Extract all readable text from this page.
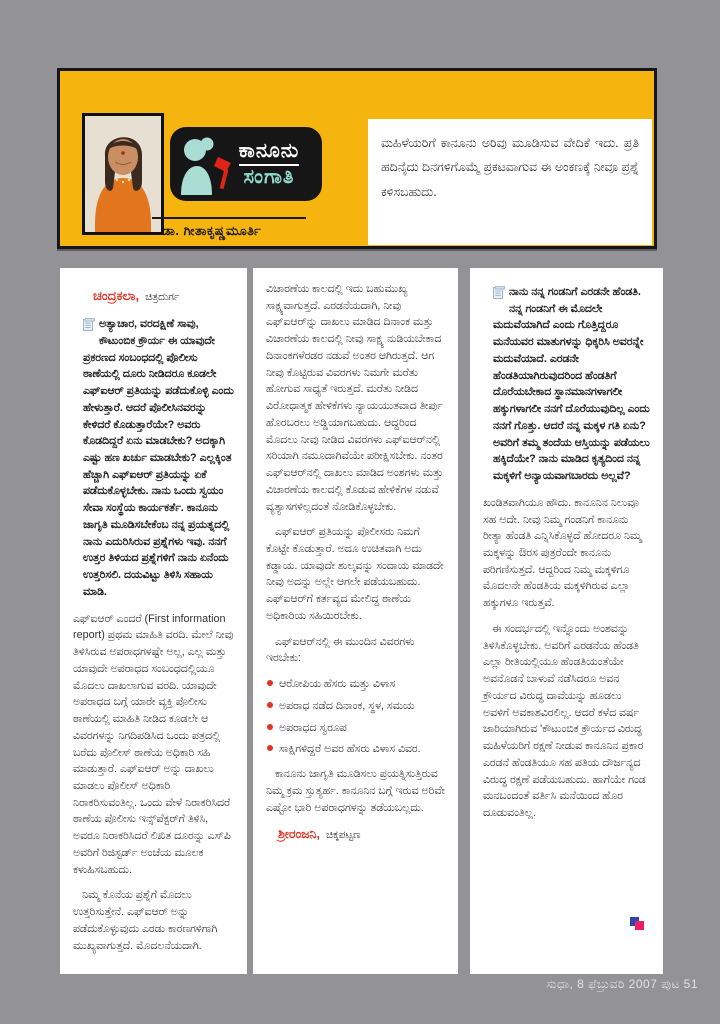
ಕಾನೂನು
ಸಂಗಾತಿ
ಡಾ. ಗೀತಾಕೃಷ್ಣಮೂರ್ತಿ

ಮಹಿಳೆಯರಿಗೆ ಕಾನೂನು ಅರಿವು ಮೂಡಿಸುವ ವೇದಿಕೆ ಇದು. ಪ್ರತಿ ಹದಿನೈದು ದಿನಗಳಿಗೊಮ್ಮೆ ಪ್ರಕಟವಾಗುವ ಈ ಅಂಕಣಕ್ಕೆ ನೀವೂ ಪ್ರಶ್ನೆ ಕಳಿಸಬಹುದು.

ಚಂದ್ರಕಲಾ, ಚಿತ್ರದುರ್ಗ

ಅತ್ಯಾಚಾರ, ವರದಕ್ಷಿಣೆ ಸಾವು, ಕೌಟುಂಬಿಕ ಕ್ರೌರ್ಯ ಈ ಯಾವುದೇ ಪ್ರಕರಣದ ಸಂಬಂಧದಲ್ಲಿ ಪೊಲೀಸು ಠಾಣೆಯಲ್ಲಿ ದೂರು ನೀಡಿದರೂ ಕೂಡಲೇ ಎಫ್ಐಆರ್ ಪ್ರತಿಯನ್ನು ಪಡೆದುಕೊಳ್ಳಿ ಎಂದು ಹೇಳುತ್ತಾರೆ. ಆದರೆ ಪೊಲೀಸಿನವರನ್ನು ಕೇಳಿದರೆ ಕೊಡುತ್ತಾರೆಯೇ? ಅವರು ಕೊಡದಿದ್ದರೆ ಏನು ಮಾಡಬೇಕು? ಅದಕ್ಕಾಗಿ ಎಷ್ಟು ಹಣ ಖರ್ಚು ಮಾಡಬೇಕು? ಎಲ್ಲಕ್ಕಿಂತ ಹೆಚ್ಚಾಗಿ ಎಫ್ಐಆರ್ ಪ್ರತಿಯನ್ನು ಏಕೆ ಪಡೆದುಕೊಳ್ಳಬೇಕು. ನಾನು ಒಂದು ಸ್ವಯಂ ಸೇವಾ ಸಂಸ್ಥೆಯ ಕಾರ್ಯಕರ್ತೆ. ಕಾನೂನು ಜಾಗೃತಿ ಮೂಡಿಸಬೇಕೆಂಬ ನನ್ನ ಪ್ರಯತ್ನದಲ್ಲಿ ನಾನು ಎದುರಿಸಿರುವ ಪ್ರಶ್ನೆಗಳು ಇವು. ನನಗೆ ಉತ್ತರ ತಿಳಿಯದ ಪ್ರಶ್ನೆಗಳಿಗೆ ನಾನು ಏನೆಂದು ಉತ್ತರಿಸಲಿ. ದಯವಿಟ್ಟು ತಿಳಿಸಿ ಸಹಾಯ ಮಾಡಿ.

ಎಫ್ಐಆರ್ ಎಂದರೆ (First information report) ಪ್ರಥಮ ಮಾಹಿತಿ ವರದಿ. ಮೇಲೆ ನೀವು ತಿಳಿಸಿರುವ ಅಪರಾಧಗಳಷ್ಟೇ ಅಲ್ಲ, ಎಲ್ಲ ಮತ್ತು ಯಾವುದೇ ಅಪರಾಧದ ಸಂಬಂಧದಲ್ಲಿಯೂ ಮೊದಲು ದಾಖಲಾಗುವ ವರದಿ. ಯಾವುದೇ ಅಪರಾಧದ ಬಗ್ಗೆ ಯಾರೇ ವ್ಯಕ್ತಿ ಪೊಲೀಸು ಠಾಣೆಯಲ್ಲಿ ಮಾಹಿತಿ ನೀಡಿದ ಕೂಡಲೇ ಆ ವಿವರಗಳನ್ನು ನಿಗದಿಪಡಿಸಿದ ಒಂದು ಪತ್ರದಲ್ಲಿ ಬರೆದು ಪೊಲೀಸ್ ಠಾಣೆಯ ಅಧಿಕಾರಿ ಸಹಿ ಮಾಡುತ್ತಾರೆ. ಎಫ್ಐಆರ್ ಅನ್ನು ದಾಖಲು ಮಾಡಲು ಪೊಲೀಸ್ ಅಧಿಕಾರಿ ನಿರಾಕರಿಸುವಂತಿಲ್ಲ. ಒಂದು ವೇಳೆ ನಿರಾಕರಿಸಿದರೆ ಠಾಣೆಯ ಪೊಲೀಸು ಇನ್ಸ್‌ಪೆಕ್ಟರ್‌ಗೆ ತಿಳಿಸಿ, ಅವರೂ ನಿರಾಕರಿಸಿದರೆ ಲಿಖಿತ ದೂರನ್ನು ಎಸ್‌ಪಿ ಅವರಿಗೆ ರಿಜಿಸ್ಟರ್ಡ್ ಅಂಚೆಯ ಮೂಲಕ ಕಳುಹಿಸಬಹುದು.

ನಿಮ್ಮ ಕೊನೆಯ ಪ್ರಶ್ನೆಗೆ ಮೊದಲು ಉತ್ತರಿಸುತ್ತೇನೆ. ಎಫ್ಐಆರ್ ಅನ್ನು ಪಡೆದುಕೊಳ್ಳುವುದು ಎರಡು ಕಾರಣಗಳಿಗಾಗಿ ಮುಖ್ಯವಾಗುತ್ತದೆ. ಮೊದಲನೆಯದಾಗಿ.

ವಿಚಾರಣೆಯ ಕಾಲದಲ್ಲಿ ಇದು ಬಹುಮುಖ್ಯ ಸಾಕ್ಷ್ಯವಾಗುತ್ತದೆ. ಎರಡನೆಯದಾಗಿ, ನೀವು ಎಫ್ಐಆರ್‌ನ್ನು ದಾಖಲು ಮಾಡಿದ ದಿನಾಂಕ ಮತ್ತು ವಿಚಾರಣೆಯ ಕಾಲದಲ್ಲಿ ನೀವು ಸಾಕ್ಷ್ಯ ನುಡಿಯಬೇಕಾದ ದಿನಾಂಕಗಳೆರಡರ ನಡುವೆ ಅಂತರ ಆಗಿರುತ್ತದೆ. ಆಗ ನೀವು ಕೊಟ್ಟಿರುವ ವಿವರಗಳು ನಿಮಗೇ ಮರೆತು ಹೋಗುವ ಸಾಧ್ಯತೆ ಇರುತ್ತದೆ. ಮರೆತು ನೀಡಿದ ವಿರೋಧಾತ್ಮಕ ಹೇಳಿಕೆಗಳು ನ್ಯಾಯಯುತವಾದ ತೀರ್ಪು ಹೊರಬರಲು ಅಡ್ಡಿಯಾಗಬಹುದು. ಆದ್ದರಿಂದ ಮೊದಲು ನೀವು ನೀಡಿದ ವಿವರಗಳು ಎಫ್ಐಆರ್‌ನಲ್ಲಿ ಸರಿಯಾಗಿ ನಮೂದಾಗಿವೆಯೇ ಪರೀಕ್ಷಿಸಬೇಕು. ನಂತರ ಎಫ್ಐಆರ್‌ನಲ್ಲಿ ದಾಖಲು ಮಾಡಿದ ಅಂಶಗಳು ಮತ್ತು ವಿಚಾರಣೆಯ ಕಾಲದಲ್ಲಿ ಕೊಡುವ ಹೇಳಿಕೆಗಳ ನಡುವೆ ವ್ಯತ್ಯಾಸಗಳಿಲ್ಲದಂತೆ ನೋಡಿಕೊಳ್ಳಬೇಕು.

ಎಫ್ಐಆರ್ ಪ್ರತಿಯನ್ನು ಪೊಲೀಸರು ನಿಮಗೆ ಕೊಟ್ಟೇ ಕೊಡುತ್ತಾರೆ. ಅದೂ ಉಚಿತವಾಗಿ ಅದು ಕಡ್ಡಾಯ. ಯಾವುದೇ ಶುಲ್ಕವನ್ನು ಸಂದಾಯ ಮಾಡದೇ ನೀವು ಅದನ್ನು ಅಲ್ಲೇ ಆಗಲೇ ಪಡೆಯಬಹುದು. ಎಫ್ಐಆರ್‌ಗೆ ಕರ್ತವ್ಯದ ಮೇಲಿದ್ದ ಠಾಣೆಯ ಅಧಿಕಾರಿಯ ಸಹಿಯಿರಬೇಕು.

ಎಫ್ಐಆರ್‌ನಲ್ಲಿ ಈ ಮುಂದಿನ ವಿವರಗಳು ಇರಬೇಕು:

ಆರೋಪಿಯ ಹೆಸರು ಮತ್ತು ವಿಳಾಸ
ಅಪರಾಧ ನಡೆದ ದಿನಾಂಕ, ಸ್ಥಳ, ಸಮಯ
ಅಪರಾಧದ ಸ್ವರೂಪ
ಸಾಕ್ಷಿಗಳಿದ್ದರೆ ಅವರ ಹೆಸರು ವಿಳಾಸ ವಿವರ.

ಕಾನೂನು ಜಾಗೃತಿ ಮೂಡಿಸಲು ಪ್ರಯತ್ನಿಸುತ್ತಿರುವ ನಿಮ್ಮ ಕ್ರಮ ಸ್ತುತ್ಯರ್ಹ. ಕಾನೂನಿನ ಬಗ್ಗೆ ಇರುವ ಅರಿವೇ ಎಷ್ಟೋ ಭಾರಿ ಅಪರಾಧಗಳನ್ನು ತಡೆಯಬಲ್ಲದು.

ಶ್ರೀರಂಜನಿ, ಚಿಕ್ಕಪಟ್ಟಣ

ನಾನು ನನ್ನ ಗಂಡನಿಗೆ ಎರಡನೇ ಹೆಂಡತಿ. ನನ್ನ ಗಂಡನಿಗೆ ಈ ಮೊದಲೇ ಮದುವೆಯಾಗಿದೆ ಎಂದು ಗೊತ್ತಿದ್ದರೂ ಮನೆಯವರ ಮಾತುಗಳನ್ನು ಧಿಕ್ಕರಿಸಿ ಅವರನ್ನೇ ಮದುವೆಯಾದೆ. ಎರಡನೇ ಹೆಂಡತಿಯಾಗಿರುವುದರಿಂದ ಹೆಂಡತಿಗೆ ದೊರೆಯಬೇಕಾದ ಸ್ಥಾನಮಾನಗಳಾಗಲೀ ಹಕ್ಕುಗಳಾಗಲೀ ನನಗೆ ದೊರೆಯುವುದಿಲ್ಲ ಎಂದು ನನಗೆ ಗೊತ್ತು. ಆದರೆ ನನ್ನ ಮಕ್ಕಳ ಗತಿ ಏನು? ಅವರಿಗೆ ತಮ್ಮ ತಂದೆಯ ಆಸ್ತಿಯನ್ನು ಪಡೆಯಲು ಹಕ್ಕಿದೆಯೇ? ನಾನು ಮಾಡಿದ ಕೃತ್ಯದಿಂದ ನನ್ನ ಮಕ್ಕಳಿಗೆ ಅನ್ಯಾಯವಾಗಬಾರದು ಅಲ್ಲವೆ?

ಖಂಡಿತವಾಗಿಯೂ ಹೌದು. ಕಾನೂನಿನ ನಿಲುವೂ ಸಹ ಅದೇ. ನೀವು ನಿಮ್ಮ ಗಂಡನಿಗೆ ಕಾನೂನು ರೀತ್ಯಾ ಹೆಂಡತಿ ಎನ್ನಿಸಿಕೊಳ್ಳದೆ ಹೋದರೂ ನಿಮ್ಮ ಮಕ್ಕಳನ್ನು ಔರಸ ಪುತ್ರರೆಂದೇ ಕಾನೂನು ಪರಿಗಣಿಸುತ್ತದೆ. ಆದ್ದರಿಂದ ನಿಮ್ಮ ಮಕ್ಕಳಿಗೂ ಮೊದಲನೇ ಹೆಂಡತಿಯ ಮಕ್ಕಳಿಗಿರುವ ಎಲ್ಲಾ ಹಕ್ಕುಗಳೂ ಇರುತ್ತವೆ.

ಈ ಸಂದರ್ಭದಲ್ಲಿ ಇನ್ನೊಂದು ಅಂಶವನ್ನು ತಿಳಿಸಿಕೊಳ್ಳಬೇಕು. ಅವರಿಗೆ ಎರಡನೆಯ ಹೆಂಡತಿ ಎಲ್ಲಾ ರೀತಿಯಲ್ಲಿಯೂ ಹೆಂಡತಿಯಂತೆಯೇ ಅವನೊಡನೆ ಬಾಳುವೆ ನಡೆಸಿದರೂ ಅವನ ಕ್ರೌರ್ಯದ ವಿರುದ್ಧ ದಾವೆಯನ್ನು ಹೂಡಲು ಅವಳಿಗೆ ಅವಕಾಶವಿರಲಿಲ್ಲ. ಆದರೆ ಕಳೆದ ವರ್ಷ ಜಾರಿಯಾಗಿರುವ 'ಕೌಟುಂಬಿಕ ಕ್ರೌರ್ಯದ ವಿರುದ್ಧ ಮಹಿಳೆಯರಿಗೆ ರಕ್ಷಣೆ ನೀಡುವ ಕಾನೂನಿನ ಪ್ರಕಾರ ಎರಡನೆ ಹೆಂಡತಿಯೂ ಸಹ ಪತಿಯ ದೌರ್ಜನ್ಯದ ವಿರುದ್ಧ ರಕ್ಷಣೆ ಪಡೆಯಬಹುದು. ಹಾಗೆಯೇ ಗಂಡ ಮನಬಂದಂತೆ ವರ್ತಿಸಿ ಮನೆಯಿಂದ ಹೊರ ದೂಡುವಂತಿಲ್ಲ.

ಸುಧಾ, 8 ಫೆಬ್ರುವರಿ 2007 ಪುಟ 51
